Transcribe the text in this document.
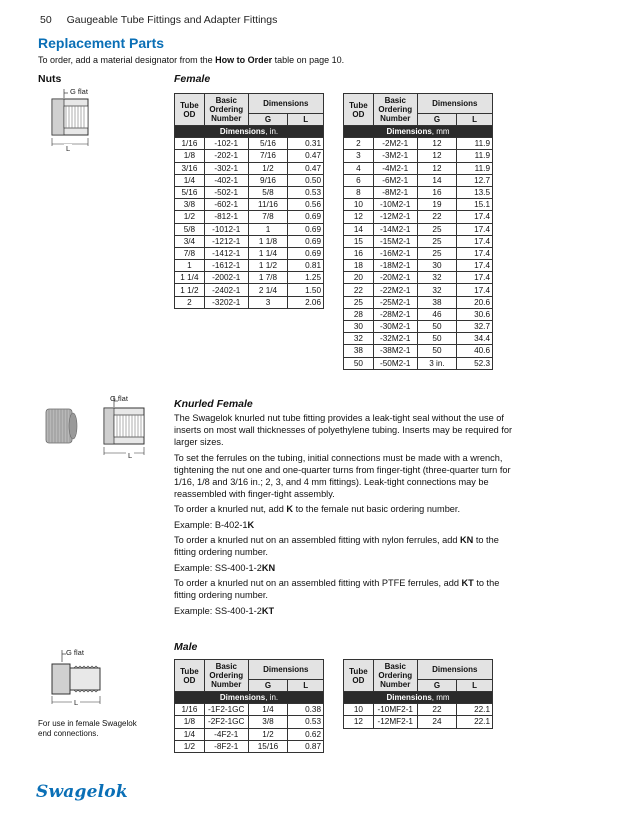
50 Gaugeable Tube Fittings and Adapter Fittings
Replacement Parts
To order, add a material designator from the How to Order table on page 10.
Nuts
G flat
L
Female
Tube
OD	Basic
Ordering
Number	Dimensions	
		G	L
Dimensions, in.			
1/16	-102-1	5/16	0.31
1/8	-202-1	7/16	0.47
3/16	-302-1	1/2	0.47
1/4	-402-1	9/16	0.50
5/16	-502-1	5/8	0.53
3/8	-602-1	11/16	0.56
1/2	-812-1	7/8	0.69
5/8	-1012-1	1	0.69
3/4	-1212-1	1 1/8	0.69
7/8	-1412-1	1 1/4	0.69
1	-1612-1	1 1/2	0.81
1 1/4	-2002-1	1 7/8	1.25
1 1/2	-2402-1	2 1/4	1.50
2	-3202-1	3	2.06
Tube
OD	Basic
Ordering
Number	Dimensions	
		G	L
Dimensions, mm			
2	-2M2-1	12	11.9
3	-3M2-1	12	11.9
4	-4M2-1	12	11.9
6	-6M2-1	14	12.7
8	-8M2-1	16	13.5
10	-10M2-1	19	15.1
12	-12M2-1	22	17.4
14	-14M2-1	25	17.4
15	-15M2-1	25	17.4
16	-16M2-1	25	17.4
18	-18M2-1	30	17.4
20	-20M2-1	32	17.4
22	-22M2-1	32	17.4
25	-25M2-1	38	20.6
28	-28M2-1	46	30.6
30	-30M2-1	50	32.7
32	-32M2-1	50	34.4
38	-38M2-1	50	40.6
50	-50M2-1	3 in.	52.3
G flat
L
Knurled Female

The Swagelok knurled nut tube fitting provides a leak-tight seal without the use of inserts on most wall thicknesses of polyethylene tubing. Inserts may be required for larger sizes.

To set the ferrules on the tubing, initial connections must be made with a wrench, tightening the nut one and one-quarter turns from finger-tight (three-quarter turn for 1/16, 1/8 and 3/16 in.; 2, 3, and 4 mm fittings). Leak-tight connections may be reassembled with finger-tight assembly.

To order a knurled nut, add K to the female nut basic ordering number.

Example: B-402-1K

To order a knurled nut on an assembled fitting with nylon ferrules, add KN to the fitting ordering number.

Example: SS-400-1-2KN

To order a knurled nut on an assembled fitting with PTFE ferrules, add KT to the fitting ordering number.

Example: SS-400-1-2KT

G flat
L
Male
Tube
OD	Basic
Ordering
Number	Dimensions	
		G	L
Dimensions, in.			
1/16	-1F2-1GC	1/4	0.38
1/8	-2F2-1GC	3/8	0.53
1/4	-4F2-1	1/2	0.62
1/2	-8F2-1	15/16	0.87
Tube
OD	Basic
Ordering
Number	Dimensions	
		G	L
Dimensions, mm			
10	-10MF2-1	22	22.1
12	-12MF2-1	24	22.1
For use in female Swagelok end connections.
Swagelok
